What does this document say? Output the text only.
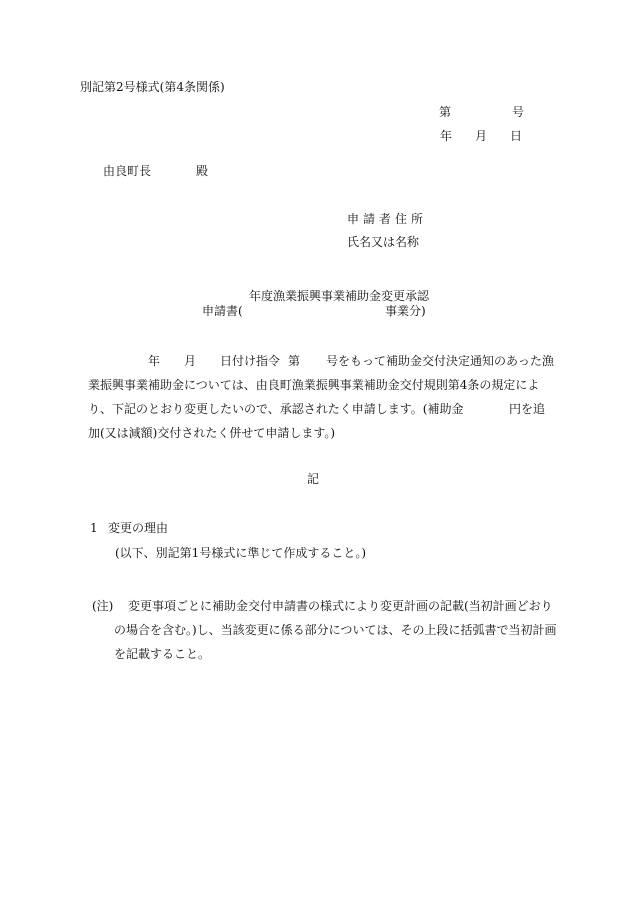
別記第2号様式(第4条関係)
第	号
年 月 日
由良町長	殿
申請者住所
氏名又は名称
年度漁業振興事業補助金変更承認
申請書(	事業分)
年 月 日付け指令 第 号をもって補助金交付決定通知のあった漁
業振興事業補助金については、由良町漁業振興事業補助金交付規則第4条の規定によ
り、下記のとおり変更したいので、承認されたく申請します。(補助金	円を追
加(又は減額)交付されたく併せて申請します。)
記
1 変更の理由
(以下、別記第1号様式に準じて作成すること。)
(注) 変更事項ごとに補助金交付申請書の様式により変更計画の記載(当初計画どおり
の場合を含む。)し、当該変更に係る部分については、その上段に括弧書で当初計画
を記載すること。
